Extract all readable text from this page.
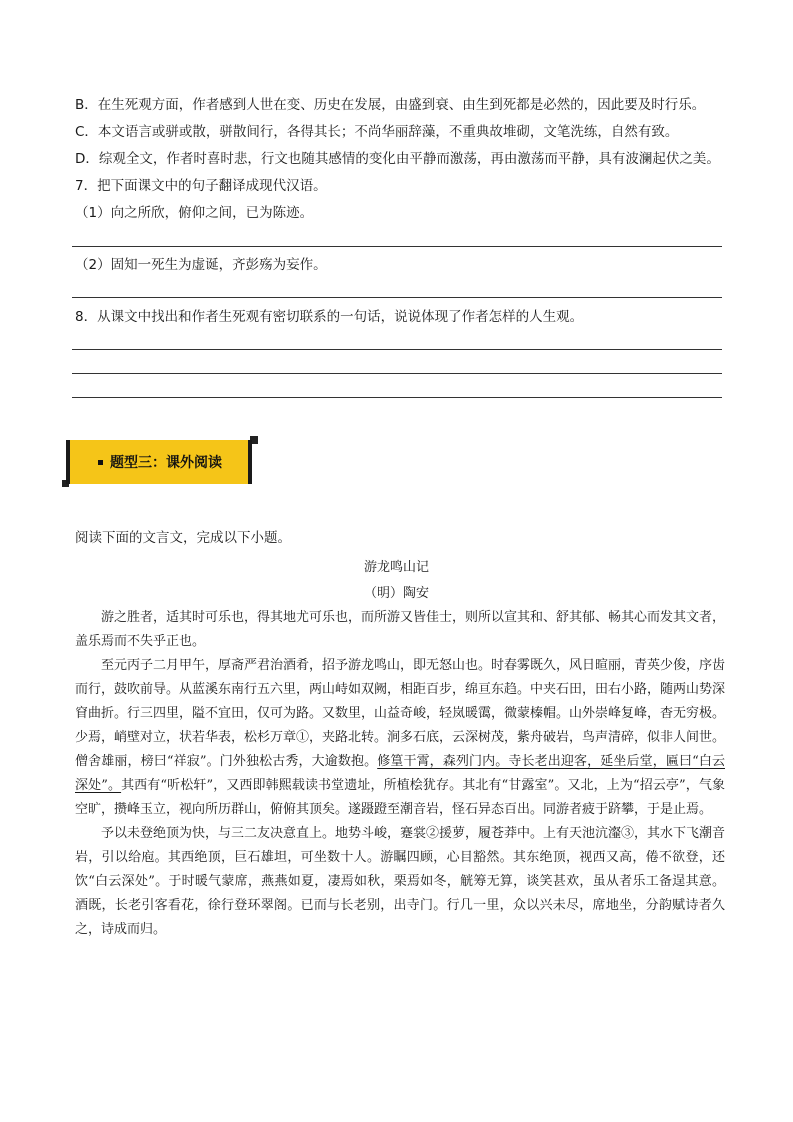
B．在生死观方面，作者感到人世在变、历史在发展，由盛到衰、由生到死都是必然的，因此要及时行乐。
C．本文语言或骈或散，骈散间行，各得其长；不尚华丽辞藻，不重典故堆砌，文笔洗练，自然有致。
D．综观全文，作者时喜时悲，行文也随其感情的变化由平静而激荡，再由激荡而平静，具有波澜起伏之美。
7．把下面课文中的句子翻译成现代汉语。
（1）向之所欣，俯仰之间，已为陈迹。
（2）固知一死生为虚诞，齐彭殇为妄作。
8．从课文中找出和作者生死观有密切联系的一句话，说说体现了作者怎样的人生观。
题型三：课外阅读
阅读下面的文言文，完成以下小题。
游龙鸣山记
（明）陶安

游之胜者，适其时可乐也，得其地尤可乐也，而所游又皆佳士，则所以宣其和、舒其郁、畅其心而发其文者，盖乐焉而不失乎正也。

至元丙子二月甲午，厚斋严君治酒肴，招予游龙鸣山，即无怒山也。时春雾既久，风日暄丽，青英少俊，序齿而行，鼓吹前导。从蓝溪东南行五六里，两山峙如双阙，相距百步，绵亘东趋。中夹石田，田右小路，随两山势深窅曲折。行三四里，隘不宜田，仅可为路。又数里，山益奇峻，轻岚暖霭，微蒙榛帽。山外崇峰复峰，杳无穷极。少焉，峭壁对立，状若华表，松杉万章①，夹路北转。涧多石底，云深树茂，紫舟破岩，鸟声清碎，似非人间世。僧舍雄丽，榜曰“祥寂”。门外独松古秀，大逾数抱。修篁干霄，森列门内。寺长老出迎客，延坐后堂，匾曰“白云深处”。其西有“听松轩”，又西即韩熙载读书堂遗址，所植桧犹存。其北有“甘露室”。又北，上为“招云亭”，气象空旷，攒峰玉立，视向所历群山，俯俯其顶矣。遂蹑蹬至潮音岩，怪石异态百出。同游者疲于跻攀，于是止焉。

予以未登绝顶为快，与三二友决意直上。地势斗峻，蹇裳②援萝，履苍莽中。上有天池沆瀣③，其水下飞潮音岩，引以给庖。其西绝顶，巨石雄坦，可坐数十人。游瞩四顾，心目豁然。其东绝顶，视西又高，倦不欲登，还饮“白云深处”。于时暖气蒙席，燕燕如夏，凄焉如秋，栗焉如冬，觥筹无算，谈笑甚欢，虽从者乐工备逞其意。酒既，长老引客看花，徐行登环翠阁。已而与长老别，出寺门。行几一里，众以兴未尽，席地坐，分韵赋诗者久之，诗成而归。
